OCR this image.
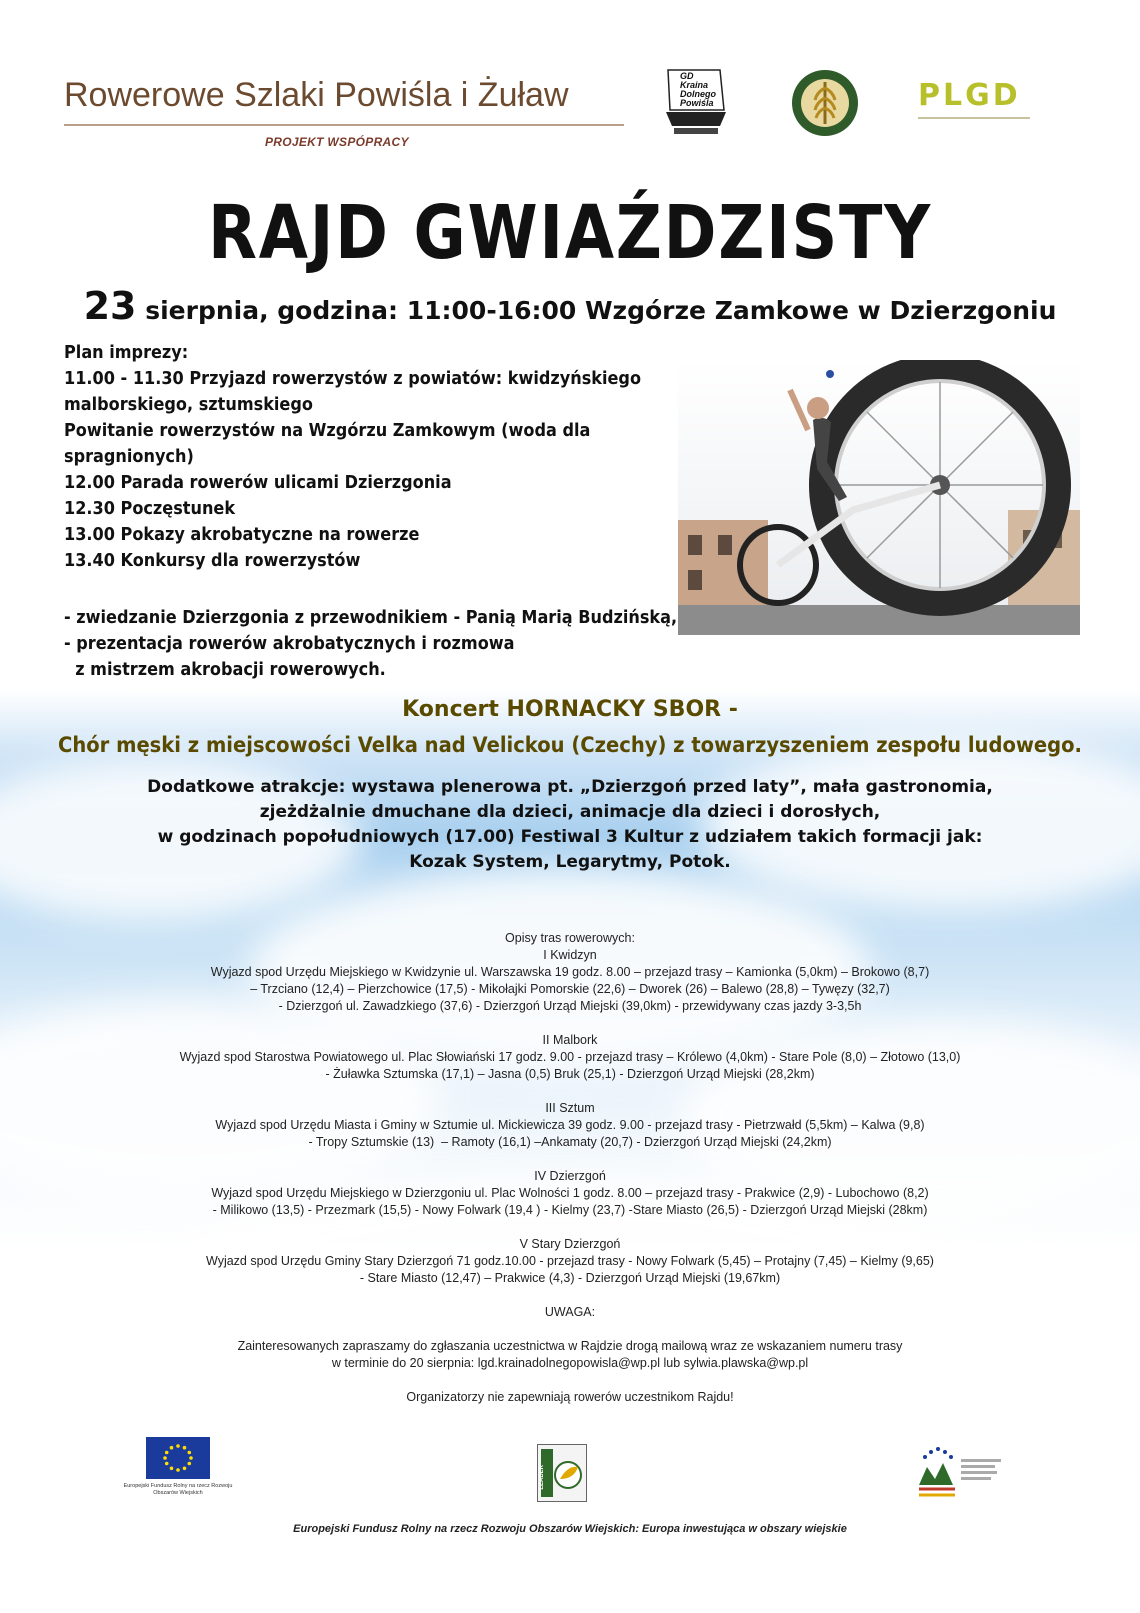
Rowerowe Szlaki Powiśla i Żuław
PROJEKT WSPÓPRACY
GD
Kraina
Dolnego
Powiśla	PLGD
RAJD GWIAŹDZISTY
23 sierpnia, godzina: 11:00-16:00 Wzgórze Zamkowe w Dzierzgoniu
Plan imprezy:
11.00 - 11.30 Przyjazd rowerzystów z powiatów: kwidzyńskiego
malborskiego, sztumskiego
Powitanie rowerzystów na Wzgórzu Zamkowym (woda dla
spragnionych)
12.00 Parada rowerów ulicami Dzierzgonia
12.30 Poczęstunek
13.00 Pokazy akrobatyczne na rowerze
13.40 Konkursy dla rowerzystów
- zwiedzanie Dzierzgonia z przewodnikiem - Panią Marią Budzińską,
- prezentacja rowerów akrobatycznych i rozmowa
z mistrzem akrobacji rowerowych.
Koncert HORNACKY SBOR -
Chór męski z miejscowości Velka nad Velickou (Czechy) z towarzyszeniem zespołu ludowego.
Dodatkowe atrakcje: wystawa plenerowa pt. „Dzierzgoń przed laty”, mała gastronomia,
zjeżdżalnie dmuchane dla dzieci, animacje dla dzieci i dorosłych,
w godzinach popołudniowych (17.00) Festiwal 3 Kultur z udziałem takich formacji jak:
Kozak System, Legarytmy, Potok.
Opisy tras rowerowych:
I Kwidzyn
Wyjazd spod Urzędu Miejskiego w Kwidzynie ul. Warszawska 19 godz. 8.00 – przejazd trasy – Kamionka (5,0km) – Brokowo (8,7)
– Trzciano (12,4) – Pierzchowice (17,5) - Mikołajki Pomorskie (22,6) – Dworek (26) – Balewo (28,8) – Tywęzy (32,7)
- Dzierzgoń ul. Zawadzkiego (37,6) - Dzierzgoń Urząd Miejski (39,0km) - przewidywany czas jazdy 3-3,5h
II Malbork
Wyjazd spod Starostwa Powiatowego ul. Plac Słowiański 17 godz. 9.00 - przejazd trasy – Królewo (4,0km) - Stare Pole (8,0) – Złotowo (13,0)
- Żuławka Sztumska (17,1) – Jasna (0,5) Bruk (25,1) - Dzierzgoń Urząd Miejski (28,2km)
III Sztum
Wyjazd spod Urzędu Miasta i Gminy w Sztumie ul. Mickiewicza 39 godz. 9.00 - przejazd trasy - Pietrzwałd (5,5km) – Kalwa (9,8)
- Tropy Sztumskie (13)  – Ramoty (16,1) –Ankamaty (20,7) - Dzierzgoń Urząd Miejski (24,2km)
IV Dzierzgoń
Wyjazd spod Urzędu Miejskiego w Dzierzgoniu ul. Plac Wolności 1 godz. 8.00 – przejazd trasy - Prakwice (2,9) - Lubochowo (8,2)
- Milikowo (13,5) - Przezmark (15,5) - Nowy Folwark (19,4 ) - Kielmy (23,7) -Stare Miasto (26,5) - Dzierzgoń Urząd Miejski (28km)
V Stary Dzierzgoń
Wyjazd spod Urzędu Gminy Stary Dzierzgoń 71 godz.10.00 - przejazd trasy - Nowy Folwark (5,45) – Protajny (7,45) – Kielmy (9,65)
- Stare Miasto (12,47) – Prakwice (4,3) - Dzierzgoń Urząd Miejski (19,67km)
UWAGA:
Zainteresowanych zapraszamy do zgłaszania uczestnictwa w Rajdzie drogą mailową wraz ze wskazaniem numeru trasy
w terminie do 20 sierpnia: lgd.krainadolnegopowisla@wp.pl lub sylwia.plawska@wp.pl
Organizatorzy nie zapewniają rowerów uczestnikom Rajdu!
Europejski Fundusz Rolny na rzecz Rozwoju Obszarów Wiejskich
LEADER
Europejski Fundusz Rolny na rzecz Rozwoju Obszarów Wiejskich: Europa inwestująca w obszary wiejskie
